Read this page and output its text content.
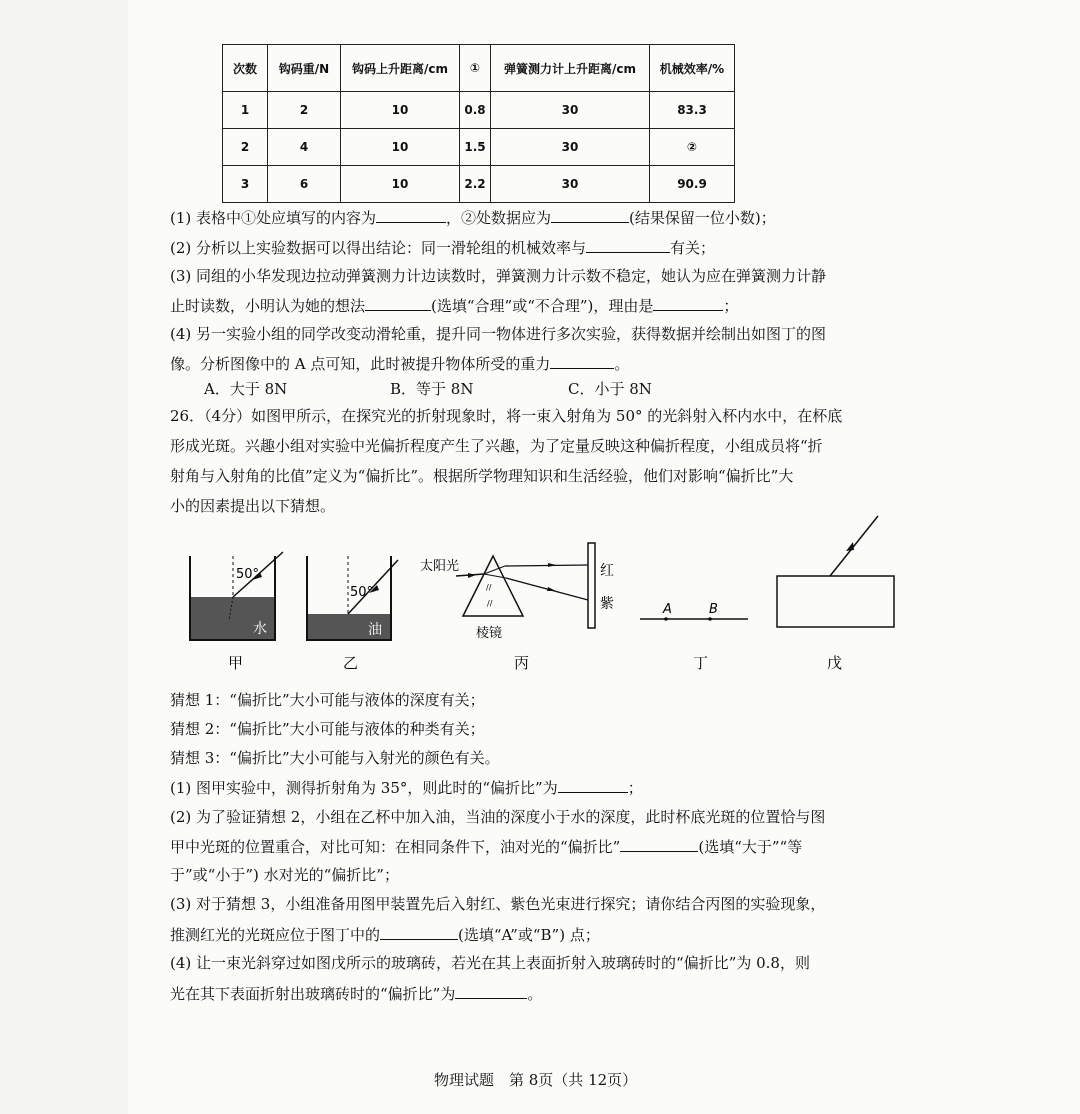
次数	钩码重/N	钩码上升距离/cm	①	弹簧测力计上升距离/cm	机械效率/%
1	2	10	0.8	30	83.3
2	4	10	1.5	30	②
3	6	10	2.2	30	90.9
(1) 表格中①处应填写的内容为	，②处数据应为	(结果保留一位小数)；
(2) 分析以上实验数据可以得出结论：同一滑轮组的机械效率与	有关；
(3) 同组的小华发现边拉动弹簧测力计边读数时，弹簧测力计示数不稳定，她认为应在弹簧测力计静
止时读数，小明认为她的想法	(选填“合理”或“不合理”)，理由是	；
(4) 另一实验小组的同学改变动滑轮重，提升同一物体进行多次实验，获得数据并绘制出如图丁的图
像。分析图像中的 A 点可知，此时被提升物体所受的重力	。
A．大于 8N	B．等于 8N	C．小于 8N
26．（4分）如图甲所示，在探究光的折射现象时，将一束入射角为 50° 的光斜射入杯内水中，在杯底
形成光斑。兴趣小组对实验中光偏折程度产生了兴趣，为了定量反映这种偏折程度，小组成员将“折
射角与入射角的比值”定义为“偏折比”。根据所学物理知识和生活经验，他们对影响“偏折比”大
小的因素提出以下猜想。
50°
水
甲
50°
油
乙
//
//
太阳光
棱镜
红
紫
丙
A	B
丁	戊
猜想 1：“偏折比”大小可能与液体的深度有关；
猜想 2：“偏折比”大小可能与液体的种类有关；
猜想 3：“偏折比”大小可能与入射光的颜色有关。
(1) 图甲实验中，测得折射角为 35°，则此时的“偏折比”为	；
(2) 为了验证猜想 2，小组在乙杯中加入油，当油的深度小于水的深度，此时杯底光斑的位置恰与图
甲中光斑的位置重合，对比可知：在相同条件下，油对光的“偏折比”	(选填“大于”“等
于”或“小于”) 水对光的“偏折比”；
(3) 对于猜想 3，小组准备用图甲装置先后入射红、紫色光束进行探究；请你结合丙图的实验现象，
推测红光的光斑应位于图丁中的	(选填“A”或“B”) 点；
(4) 让一束光斜穿过如图戊所示的玻璃砖，若光在其上表面折射入玻璃砖时的“偏折比”为 0.8，则
光在其下表面折射出玻璃砖时的“偏折比”为	。
物理试题　第 8页（共 12页）
